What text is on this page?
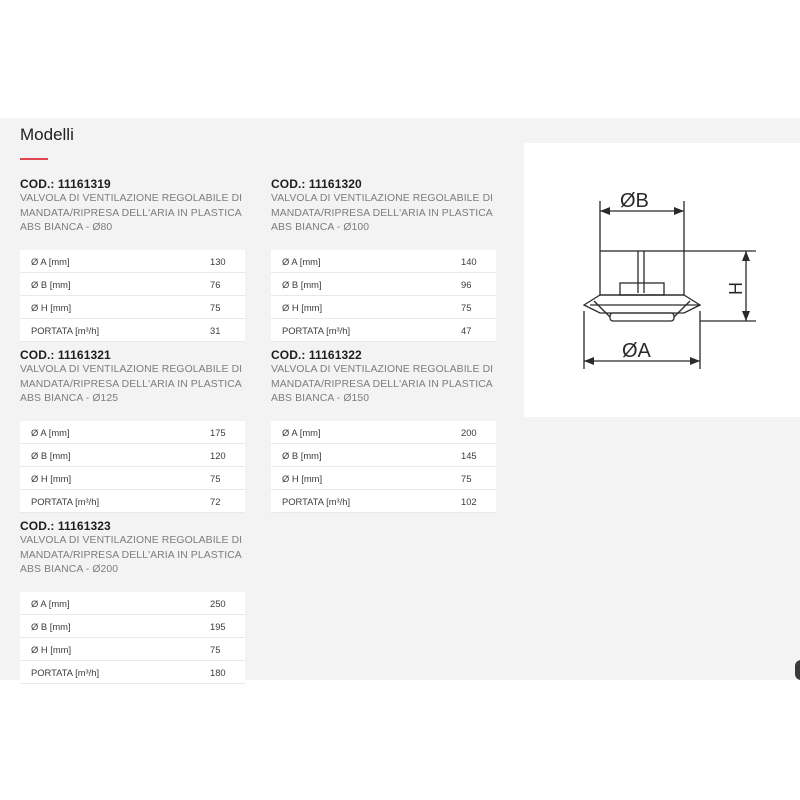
Modelli
COD.: 11161319
VALVOLA DI VENTILAZIONE REGOLABILE DI MANDATA/RIPRESA DELL'ARIA IN PLASTICA ABS BIANCA - Ø80
Ø A [mm]	130
Ø B [mm]	76
Ø H [mm]	75
PORTATA [m³/h]	31
COD.: 11161320
VALVOLA DI VENTILAZIONE REGOLABILE DI MANDATA/RIPRESA DELL'ARIA IN PLASTICA ABS BIANCA - Ø100
Ø A [mm]	140
Ø B [mm]	96
Ø H [mm]	75
PORTATA [m³/h]	47
COD.: 11161321
VALVOLA DI VENTILAZIONE REGOLABILE DI MANDATA/RIPRESA DELL'ARIA IN PLASTICA ABS BIANCA - Ø125
Ø A [mm]	175
Ø B [mm]	120
Ø H [mm]	75
PORTATA [m³/h]	72
COD.: 11161322
VALVOLA DI VENTILAZIONE REGOLABILE DI MANDATA/RIPRESA DELL'ARIA IN PLASTICA ABS BIANCA - Ø150
Ø A [mm]	200
Ø B [mm]	145
Ø H [mm]	75
PORTATA [m³/h]	102
COD.: 11161323
VALVOLA DI VENTILAZIONE REGOLABILE DI MANDATA/RIPRESA DELL'ARIA IN PLASTICA ABS BIANCA - Ø200
Ø A [mm]	250
Ø B [mm]	195
Ø H [mm]	75
PORTATA [m³/h]	180
ØB
ØA
H
